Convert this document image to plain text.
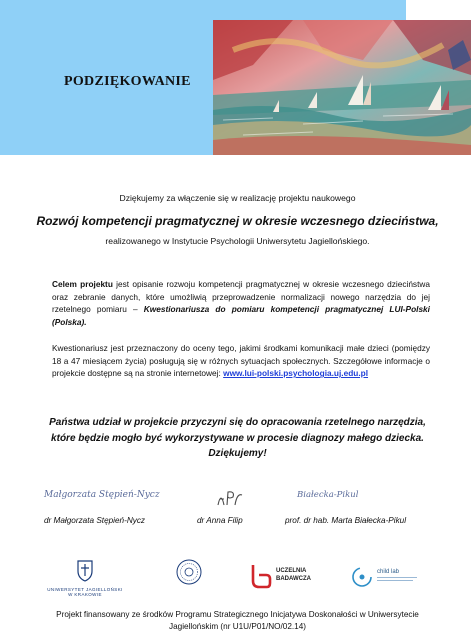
PODZIĘKOWANIE
Dziękujemy za włączenie się w realizację projektu naukowego
Rozwój kompetencji pragmatycznej w okresie wczesnego dzieciństwa,
realizowanego w Instytucie Psychologii Uniwersytetu Jagiellońskiego.
Celem projektu jest opisanie rozwoju kompetencji pragmatycznej w okresie wczesnego dzieciństwa oraz zebranie danych, które umożliwią przeprowadzenie normalizacji nowego narzędzia do jej rzetelnego pomiaru – Kwestionariusza do pomiaru kompetencji pragmatycznej LUI-Polski (Polska).
Kwestionariusz jest przeznaczony do oceny tego, jakimi środkami komunikacji małe dzieci (pomiędzy 18 a 47 miesiącem życia) posługują się w różnych sytuacjach społecznych. Szczegółowe informacje o projekcie dostępne są na stronie internetowej: www.lui-polski.psychologia.uj.edu.pl
Państwa udział w projekcie przyczyni się do opracowania rzetelnego narzędzia,
które będzie mogło być wykorzystywane w procesie diagnozy małego dziecka.
Dziękujemy!
Małgorzata Stępień-Nycz	Białecka-Pikul
dr Małgorzata Stępień-Nycz	dr Anna Filip	prof. dr hab. Marta Białecka-Pikul
UNIWERSYTET JAGIELLOŃSKI
W KRAKOWIE
UCZELNIA
BADAWCZA
child lab
Projekt finansowany ze środków Programu Strategicznego Inicjatywa Doskonałości w Uniwersytecie
Jagiellońskim (nr U1U/P01/NO/02.14)
